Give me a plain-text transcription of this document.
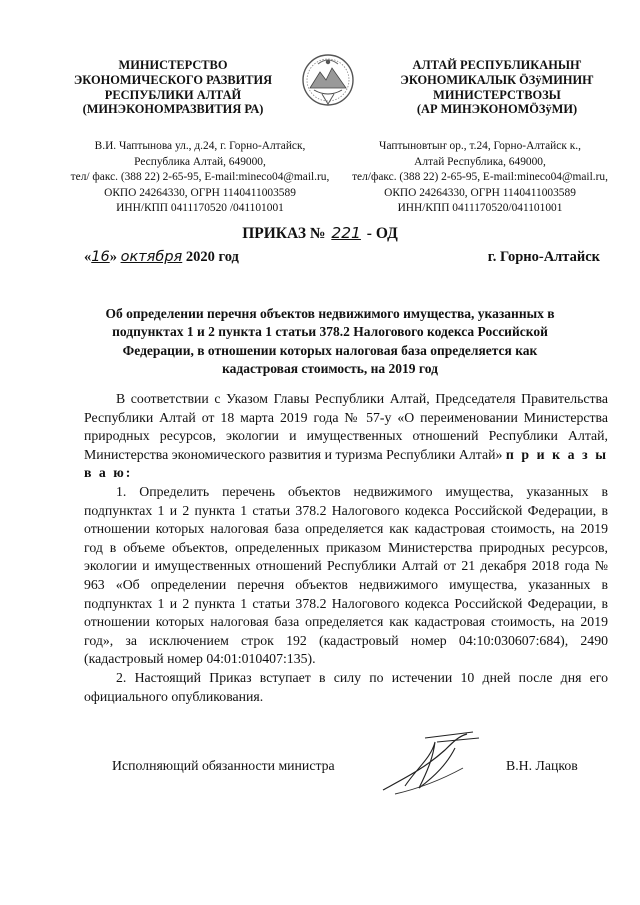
МИНИСТЕРСТВО
ЭКОНОМИЧЕСКОГО РАЗВИТИЯ
РЕСПУБЛИКИ АЛТАЙ
(МИНЭКОНОМРАЗВИТИЯ РА)
АЛТАЙ РЕСПУБЛИКАНЫҤ
ЭКОНОМИКАЛЫК ÖЗÿМИНИҤ
МИНИСТЕРСТВОЗЫ
(АР МИНЭКОНОМÖЗÿМИ)
В.И. Чаптынова ул., д.24, г. Горно-Алтайск,
Республика Алтай, 649000,
тел/ факс. (388 22) 2-65-95, E-mail:mineco04@mail.ru,
ОКПО 24264330, ОГРН 1140411003589
ИНН/КПП 0411170520 /041101001
Чаптыновтыҥ ор., т.24, Горно-Алтайск к.,
Алтай Республика, 649000,
тел/факс. (388 22) 2-65-95, E-mail:mineco04@mail.ru,
ОКПО 24264330, ОГРН 1140411003589
ИНН/КПП 0411170520/041101001
ПРИКАЗ № 221 - ОД
«16» октября 2020 год	г. Горно-Алтайск
Об определении перечня объектов недвижимого имущества, указанных в
подпунктах 1 и 2 пункта 1 статьи 378.2 Налогового кодекса Российской
Федерации, в отношении которых налоговая база определяется как
кадастровая стоимость, на 2019 год

В соответствии с Указом Главы Республики Алтай, Председателя Правительства Республики Алтай от 18 марта 2019 года № 57-у «О переименовании Министерства природных ресурсов, экологии и имущественных отношений Республики Алтай, Министерства экономического развития и туризма Республики Алтай» п р и к а з ы в а ю:

1. Определить перечень объектов недвижимого имущества, указанных в подпунктах 1 и 2 пункта 1 статьи 378.2 Налогового кодекса Российской Федерации, в отношении которых налоговая база определяется как кадастровая стоимость, на 2019 год в объеме объектов, определенных приказом Министерства природных ресурсов, экологии и имущественных отношений Республики Алтай от 21 декабря 2018 года № 963 «Об определении перечня объектов недвижимого имущества, указанных в подпунктах 1 и 2 пункта 1 статьи 378.2 Налогового кодекса Российской Федерации, в отношении которых налоговая база определяется как кадастровая стоимость, на 2019 год», за исключением строк 192 (кадастровый номер 04:10:030607:684), 2490 (кадастровый номер 04:01:010407:135).

2. Настоящий Приказ вступает в силу по истечении 10 дней после дня его официального опубликования.

Исполняющий обязанности министра	В.Н. Лацков
